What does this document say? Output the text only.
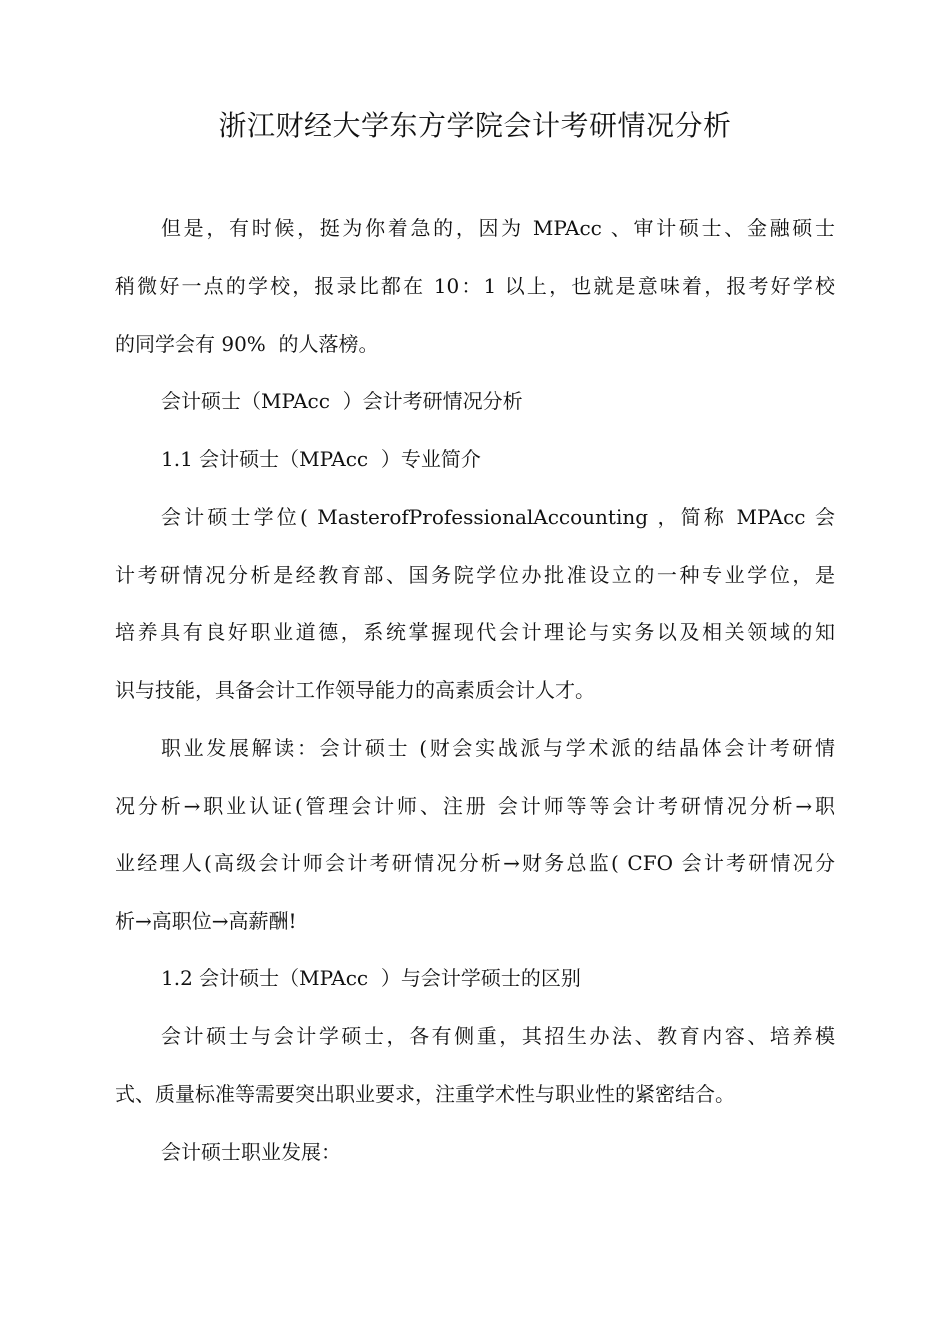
浙江财经大学东方学院会计考研情况分析

但是，有时候，挺为你着急的，因为 MPAcc 、审计硕士、金融硕士

稍微好一点的学校，报录比都在 10：1 以上，也就是意味着，报考好学校

的同学会有 90%  的人落榜。

会计硕士（MPAcc  ）会计考研情况分析

1.1 会计硕士（MPAcc  ）专业简介

会计硕士学位( MasterofProfessionalAccounting ，简称 MPAcc 会

计考研情况分析是经教育部、国务院学位办批准设立的一种专业学位，是

培养具有良好职业道德，系统掌握现代会计理论与实务以及相关领域的知

识与技能，具备会计工作领导能力的高素质会计人才。

职业发展解读：会计硕士 (财会实战派与学术派的结晶体会计考研情

况分析→职业认证(管理会计师、注册 会计师等等会计考研情况分析→职

业经理人(高级会计师会计考研情况分析→财务总监( CFO 会计考研情况分

析→高职位→高薪酬!

1.2 会计硕士（MPAcc  ）与会计学硕士的区别

会计硕士与会计学硕士，各有侧重，其招生办法、教育内容、培养模

式、质量标准等需要突出职业要求，注重学术性与职业性的紧密结合。

会计硕士职业发展：
